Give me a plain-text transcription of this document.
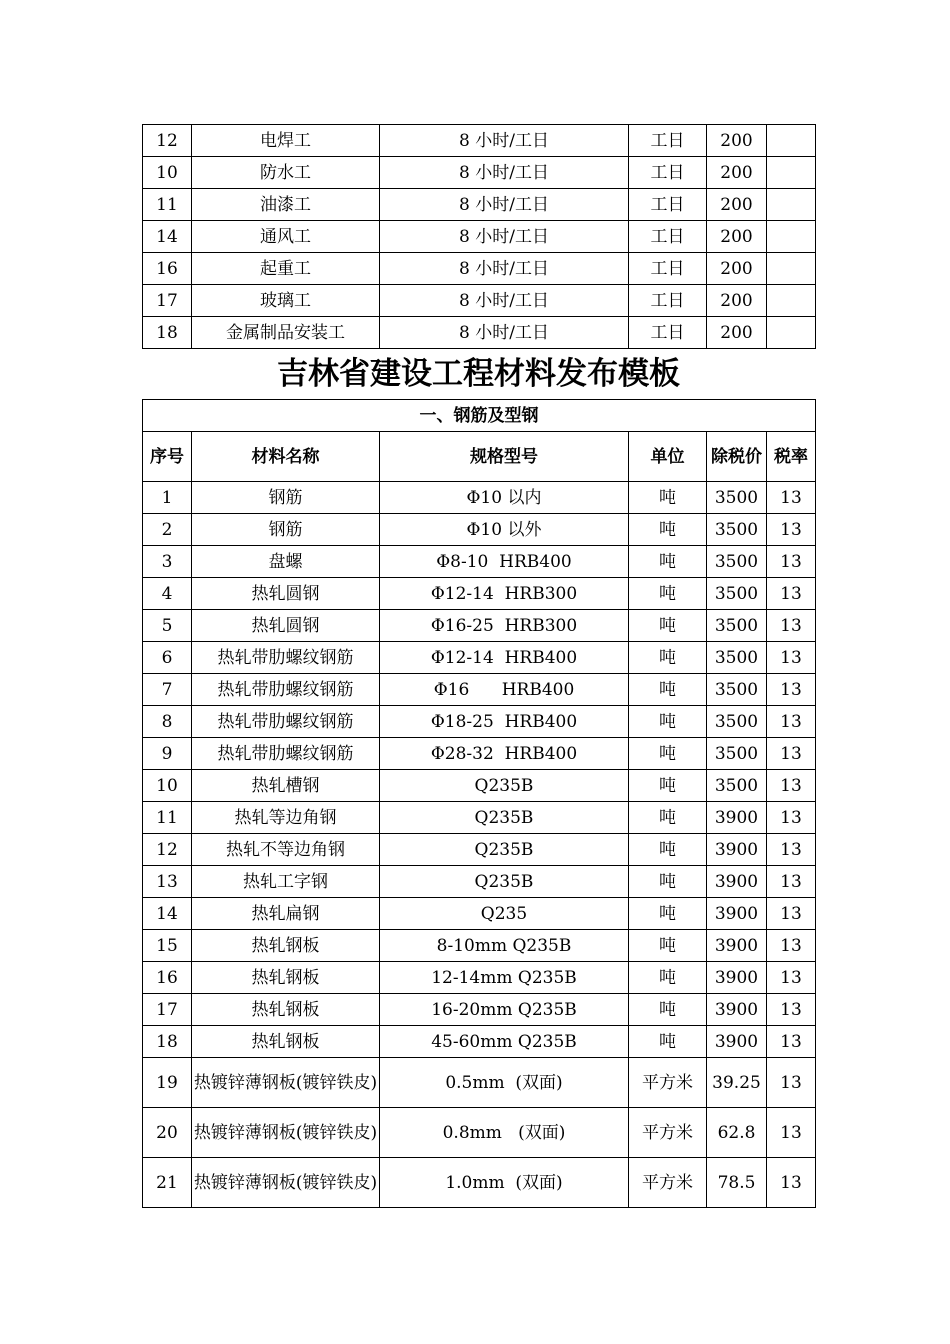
12	电焊工	8 小时/工日	工日	200	
10	防水工	8 小时/工日	工日	200	
11	油漆工	8 小时/工日	工日	200	
14	通风工	8 小时/工日	工日	200	
16	起重工	8 小时/工日	工日	200	
17	玻璃工	8 小时/工日	工日	200	
18	金属制品安装工	8 小时/工日	工日	200	
吉林省建设工程材料发布模板
一、钢筋及型钢					
序号	材料名称	规格型号	单位	除税价	税率
1	钢筋	Φ10 以内	吨	3500	13
2	钢筋	Φ10 以外	吨	3500	13
3	盘螺	Φ8-10  HRB400	吨	3500	13
4	热轧圆钢	Φ12-14  HRB300	吨	3500	13
5	热轧圆钢	Φ16-25  HRB300	吨	3500	13
6	热轧带肋螺纹钢筋	Φ12-14  HRB400	吨	3500	13
7	热轧带肋螺纹钢筋	Φ16      HRB400	吨	3500	13
8	热轧带肋螺纹钢筋	Φ18-25  HRB400	吨	3500	13
9	热轧带肋螺纹钢筋	Φ28-32  HRB400	吨	3500	13
10	热轧槽钢	Q235B	吨	3500	13
11	热轧等边角钢	Q235B	吨	3900	13
12	热轧不等边角钢	Q235B	吨	3900	13
13	热轧工字钢	Q235B	吨	3900	13
14	热轧扁钢	Q235	吨	3900	13
15	热轧钢板	8-10mm Q235B	吨	3900	13
16	热轧钢板	12-14mm Q235B	吨	3900	13
17	热轧钢板	16-20mm Q235B	吨	3900	13
18	热轧钢板	45-60mm Q235B	吨	3900	13
19	热镀锌薄钢板(镀锌铁皮)	0.5mm  (双面)	平方米	39.25	13
20	热镀锌薄钢板(镀锌铁皮)	0.8mm   (双面)	平方米	62.8	13
21	热镀锌薄钢板(镀锌铁皮)	1.0mm  (双面)	平方米	78.5	13
